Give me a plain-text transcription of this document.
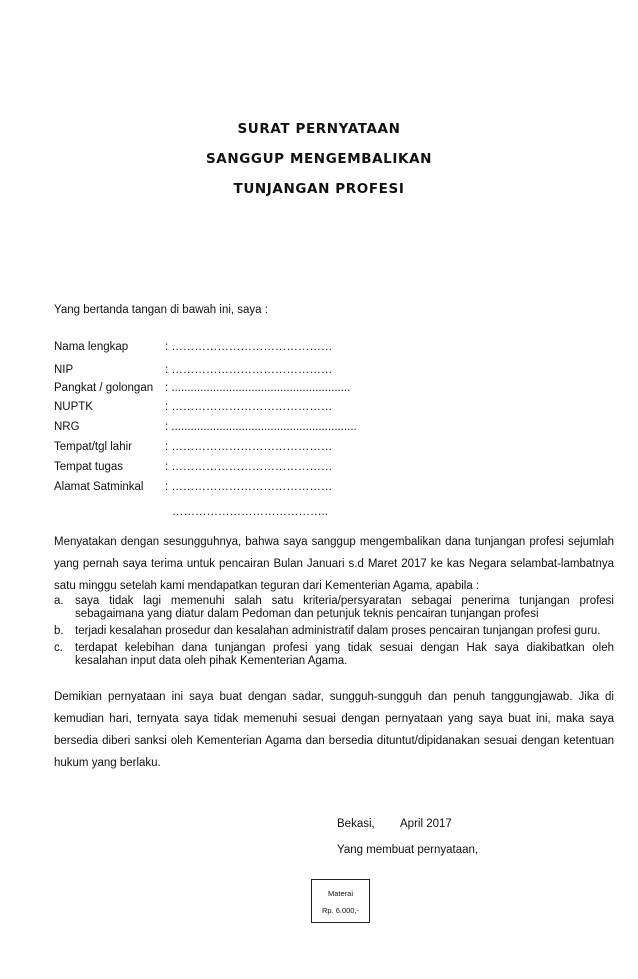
SURAT PERNYATAAN
SANGGUP MENGEMBALIKAN
TUNJANGAN PROFESI
Yang bertanda tangan di bawah ini, saya :
Nama lengkap	: ……………………………………
NIP	: ……………………………………
Pangkat / golongan : ........................................................
NUPTK	: ……………………………………
NRG	: ..........................................................
Tempat/tgl lahir	: ……………………………………
Tempat tugas	: ……………………………………
Alamat Satminkal : ……………………………………
…………………………………..
Menyatakan dengan sesungguhnya, bahwa saya sanggup mengembalikan dana tunjangan profesi sejumlah yang pernah saya terima untuk pencairan Bulan Januari s.d Maret 2017 ke kas Negara selambat-lambatnya satu minggu setelah kami mendapatkan teguran dari Kementerian Agama, apabila :
a. saya tidak lagi memenuhi salah satu kriteria/persyaratan sebagai penerima tunjangan profesi sebagaimana yang diatur dalam Pedoman dan petunjuk teknis pencairan tunjangan profesi
b. terjadi kesalahan prosedur dan kesalahan administratif dalam proses pencairan tunjangan profesi guru.
c. terdapat kelebihan dana tunjangan profesi yang tidak sesuai dengan Hak saya diakibatkan oleh kesalahan input data oleh pihak Kementerian Agama.
Demikian pernyataan ini saya buat dengan sadar, sungguh-sungguh dan penuh tanggungjawab. Jika di kemudian hari, ternyata saya tidak memenuhi sesuai dengan pernyataan yang saya buat ini, maka saya bersedia diberi sanksi oleh Kementerian Agama dan bersedia dituntut/dipidanakan sesuai dengan ketentuan hukum yang berlaku.
Bekasi, April 2017
Yang membuat pernyataan,
Materai
Rp. 6.000,-
